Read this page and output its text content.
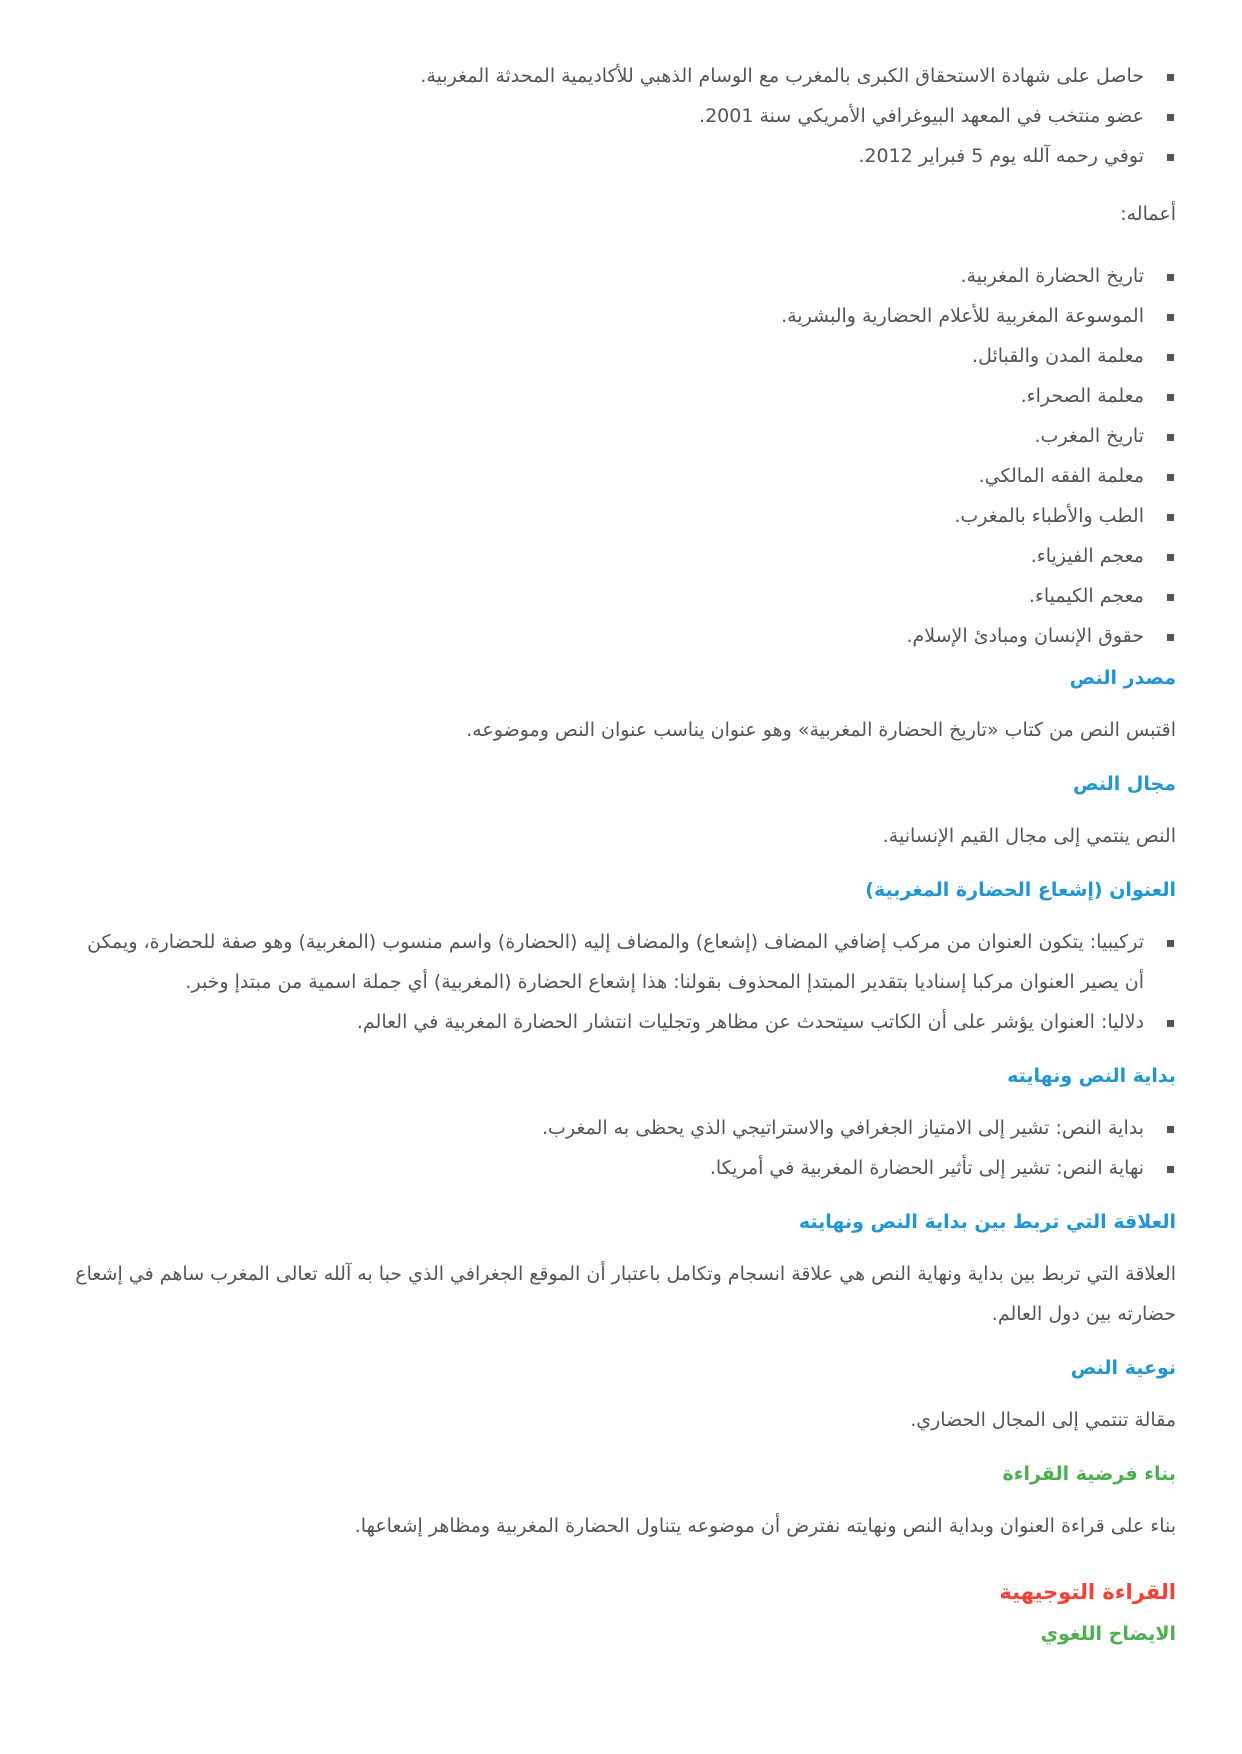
حاصل على شهادة الاستحقاق الكبرى بالمغرب مع الوسام الذهبي للأكاديمية المحدثة المغربية.
عضو منتخب في المعهد البيوغرافي الأمريكي سنة 2001.
توفي رحمه آلله يوم 5 فبراير 2012.

أعماله:

تاريخ الحضارة المغربية.
الموسوعة المغربية للأعلام الحضارية والبشرية.
معلمة المدن والقبائل.
معلمة الصحراء.
تاريخ المغرب.
معلمة الفقه المالكي.
الطب والأطباء بالمغرب.
معجم الفيزياء.
معجم الكيمياء.
حقوق الإنسان ومبادئ الإسلام.
مصدر النص

اقتبس النص من كتاب «تاريخ الحضارة المغربية» وهو عنوان يناسب عنوان النص وموضوعه.

مجال النص

النص ينتمي إلى مجال القيم الإنسانية.

العنوان (إشعاع الحضارة المغربية)
تركيبيا: يتكون العنوان من مركب إضافي المضاف (إشعاع) والمضاف إليه (الحضارة) واسم منسوب (المغربية) وهو صفة للحضارة، ويمكن أن يصير العنوان مركبا إسناديا بتقدير المبتدإ المحذوف بقولنا: هذا إشعاع الحضارة (المغربية) أي جملة اسمية من مبتدإ وخبر.
دلاليا: العنوان يؤشر على أن الكاتب سيتحدث عن مظاهر وتجليات انتشار الحضارة المغربية في العالم.
بداية النص ونهايته
بداية النص: تشير إلى الامتياز الجغرافي والاستراتيجي الذي يحظى به المغرب.
نهاية النص: تشير إلى تأثير الحضارة المغربية في أمريكا.
العلاقة التي تربط بين بداية النص ونهايته

العلاقة التي تربط بين بداية ونهاية النص هي علاقة انسجام وتكامل باعتبار أن الموقع الجغرافي الذي حبا به آلله تعالى المغرب ساهم في إشعاع حضارته بين دول العالم.

نوعية النص

مقالة تنتمي إلى المجال الحضاري.

بناء فرضية القراءة

بناء على قراءة العنوان وبداية النص ونهايته نفترض أن موضوعه يتناول الحضارة المغربية ومظاهر إشعاعها.

القراءة التوجيهية
الايضاح اللغوي
